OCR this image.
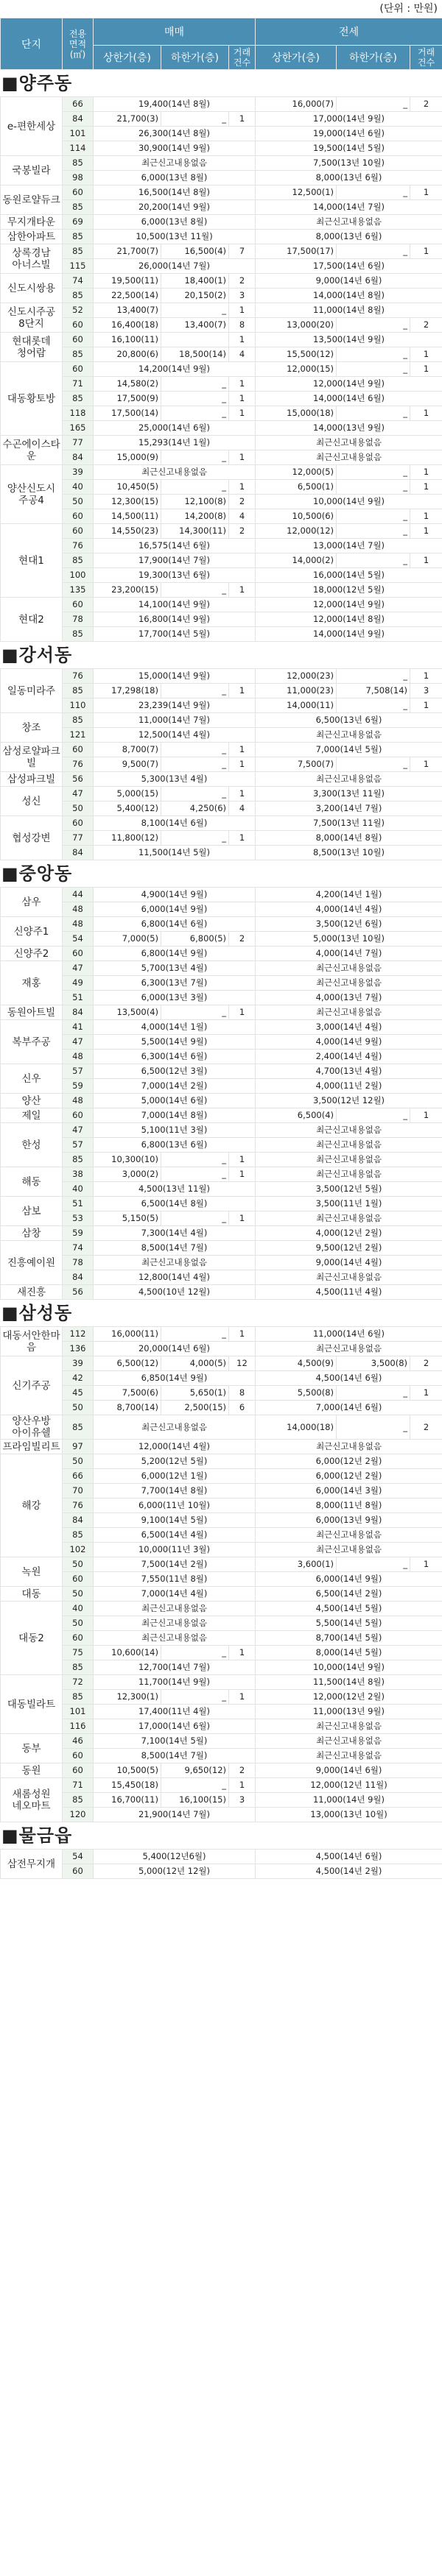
(단위 : 만원)
단지	전용
면적
(㎡)	매매			전세		
		상한가(층)	하한가(층)	거래
건수	상한가(층)	하한가(층)	거래
건수
■양주동
e-편한세상	66	19,400(14년 8월)			16,000(7)	_	2
	84	21,700(3)	_	1	17,000(14년 9월)		
	101	26,300(14년 8월)			19,000(14년 6월)		
	114	30,900(14년 9월)			19,500(14년 5월)		
국봉빌라	85	최근신고내용없음			7,500(13년 10월)		
	98	6,000(13년 8월)			8,000(13년 6월)		
동원로얄듀크	60	16,500(14년 8월)			12,500(1)	_	1
	85	20,200(14년 9월)			14,000(14년 7월)		
무지개타운	69	6,000(13년 8월)			최근신고내용없음		
삼한아파트	85	10,500(13년 11월)			8,000(13년 6월)		
상록경남
아너스빌	85	21,700(7)	16,500(4)	7	17,500(17)	_	1
	115	26,000(14년 7월)			17,500(14년 6월)		
신도시쌍용	74	19,500(11)	18,400(1)	2	9,000(14년 6월)		
	85	22,500(14)	20,150(2)	3	14,000(14년 8월)		
신도시주공
8단지	52	13,400(7)	_	1	11,000(14년 8월)		
	60	16,400(18)	13,400(7)	8	13,000(20)	_	2
현대롯데
청어람	60	16,100(11)		1	13,500(14년 9월)		
	85	20,800(6)	18,500(14)	4	15,500(12)	_	1
대동황토방	60	14,200(14년 9월)			12,000(15)	_	1
	71	14,580(2)	_	1	12,000(14년 9월)		
	85	17,500(9)	_	1	14,000(14년 6월)		
	118	17,500(14)	_	1	15,000(18)	_	1
	165	25,000(14년 6월)			14,000(13년 9월)		
수곤에이스타운	77	15,293(14년 1월)			최근신고내용없음		
	84	15,000(9)	_	1	최근신고내용없음		
양산신도시
주공4	39	최근신고내용없음			12,000(5)	_	1
	40	10,450(5)	_	1	6,500(1)	_	1
	50	12,300(15)	12,100(8)	2	10,000(14년 9월)		
	60	14,500(11)	14,200(8)	4	10,500(6)	_	1
현대1	60	14,550(23)	14,300(11)	2	12,000(12)	_	1
	76	16,575(14년 6월)			13,000(14년 7월)		
	85	17,900(14년 7월)			14,000(2)	_	1
	100	19,300(13년 6월)			16,000(14년 5월)		
	135	23,200(15)	_	1	18,000(12년 5월)		
현대2	60	14,100(14년 9월)			12,000(14년 9월)		
	78	16,800(14년 9월)			12,000(14년 8월)		
	85	17,700(14년 5월)			14,000(14년 9월)		
■강서동
일동미라주	76	15,000(14년 9월)			12,000(23)	_	1
	85	17,298(18)	_	1	11,000(23)	7,508(14)	3
	110	23,239(14년 9월)			14,000(11)	_	1
창조	85	11,000(14년 7월)			6,500(13년 6월)		
	121	12,500(14년 4월)			최근신고내용없음		
삼성로얄파크빌	60	8,700(7)	_	1	7,000(14년 5월)		
	76	9,500(7)	_	1	7,500(7)	_	1
삼성파크빌	56	5,300(13년 4월)			최근신고내용없음		
성신	47	5,000(15)	_	1	3,300(13년 11월)		
	50	5,400(12)	4,250(6)	4	3,200(14년 7월)		
협성강변	60	8,100(14년 6월)			7,500(13년 11월)		
	77	11,800(12)	_	1	8,000(14년 8월)		
	84	11,500(14년 5월)			8,500(13년 10월)		
■중앙동
삼우	44	4,900(14년 9월)			4,200(14년 1월)		
	48	6,000(14년 9월)			4,000(14년 4월)		
신양주1	48	6,800(14년 6월)			3,500(12년 6월)		
	54	7,000(5)	6,800(5)	2	5,000(13년 10월)		
신양주2	60	6,800(14년 9월)			4,000(14년 7월)		
재홍	47	5,700(13년 4월)			최근신고내용없음		
	49	6,300(13년 7월)			최근신고내용없음		
	51	6,000(13년 3월)			4,000(13년 7월)		
동원아트빌	84	13,500(4)	_	1	최근신고내용없음		
복부주공	41	4,000(14년 1월)			3,000(14년 4월)		
	47	5,500(14년 9월)			4,000(14년 9월)		
	48	6,300(14년 6월)			2,400(14년 4월)		
신우	57	6,500(12년 3월)			4,700(13년 4월)		
	59	7,000(14년 2월)			4,000(11년 2월)		
양산	48	5,000(14년 6월)			3,500(12년 12월)		
제일	60	7,000(14년 8월)			6,500(4)	_	1
한성	47	5,100(11년 3월)			최근신고내용없음		
	57	6,800(13년 6월)			최근신고내용없음		
	85	10,300(10)	_	1	최근신고내용없음		
해동	38	3,000(2)	_	1	최근신고내용없음		
	40	4,500(13년 11월)			3,500(12년 5월)		
삼보	51	6,500(14년 8월)			3,500(11년 1월)		
	53	5,150(5)	_	1	최근신고내용없음		
삼창	59	7,300(14년 4월)			4,000(12년 2월)		
진흥예이원	74	8,500(14년 7월)			9,500(12년 2월)		
	78	최근신고내용없음			9,000(14년 4월)		
	84	12,800(14년 4월)			최근신고내용없음		
새진흥	56	4,500(10년 12월)			4,500(11년 4월)		
■삼성동
대동서안한마음	112	16,000(11)	_	1	11,000(14년 6월)		
	136	20,000(14년 6월)			최근신고내용없음		
신기주공	39	6,500(12)	4,000(5)	12	4,500(9)	3,500(8)	2
	42	6,850(14년 9월)			4,500(14년 6월)		
	45	7,500(6)	5,650(1)	8	5,500(8)	_	1
	50	8,700(14)	2,500(15)	6	7,000(14년 6월)		
양산우방
아이유쉘	85	최근신고내용없음			14,000(18)	_	2
프라임빌리트	97	12,000(14년 4월)			최근신고내용없음		
해강	50	5,200(12년 5월)			6,000(12년 2월)		
	66	6,000(12년 1월)			6,000(12년 2월)		
	70	7,700(14년 8월)			6,000(14년 3월)		
	76	6,000(11년 10월)			8,000(11년 8월)		
	84	9,100(14년 5월)			6,000(13년 9월)		
	85	6,500(14년 4월)			최근신고내용없음		
	102	10,000(11년 3월)			최근신고내용없음		
녹원	50	7,500(14년 2월)			3,600(1)	_	1
	60	7,550(11년 8월)			6,000(14년 9월)		
대동	50	7,000(14년 4월)			6,500(14년 2월)		
대동2	40	최근신고내용없음			4,500(14년 5월)		
	50	최근신고내용없음			5,500(14년 5월)		
	60	최근신고내용없음			8,700(14년 5월)		
	75	10,600(14)	_	1	8,000(14년 5월)		
	85	12,700(14년 7월)			10,000(14년 9월)		
대동빌라트	72	11,700(14년 9월)			11,500(14년 8월)		
	85	12,300(1)	_	1	12,000(12년 2월)		
	101	17,400(11년 4월)			11,000(13년 9월)		
	116	17,000(14년 6월)			최근신고내용없음		
동부	46	7,100(14년 5월)			최근신고내용없음		
	60	8,500(14년 7월)			최근신고내용없음		
동원	60	10,500(5)	9,650(12)	2	9,000(14년 6월)		
새롬성원
네오마트	71	15,450(18)	_	1	12,000(12년 11월)		
	85	16,700(11)	16,100(15)	3	11,000(14년 9월)		
	120	21,900(14년 7월)			13,000(13년 10월)		
■물금읍
삼전무지개	54	5,400(12년6월)	4,500(14년 6월)
	60	5,000(12년 12월)	4,500(14년 2월)
